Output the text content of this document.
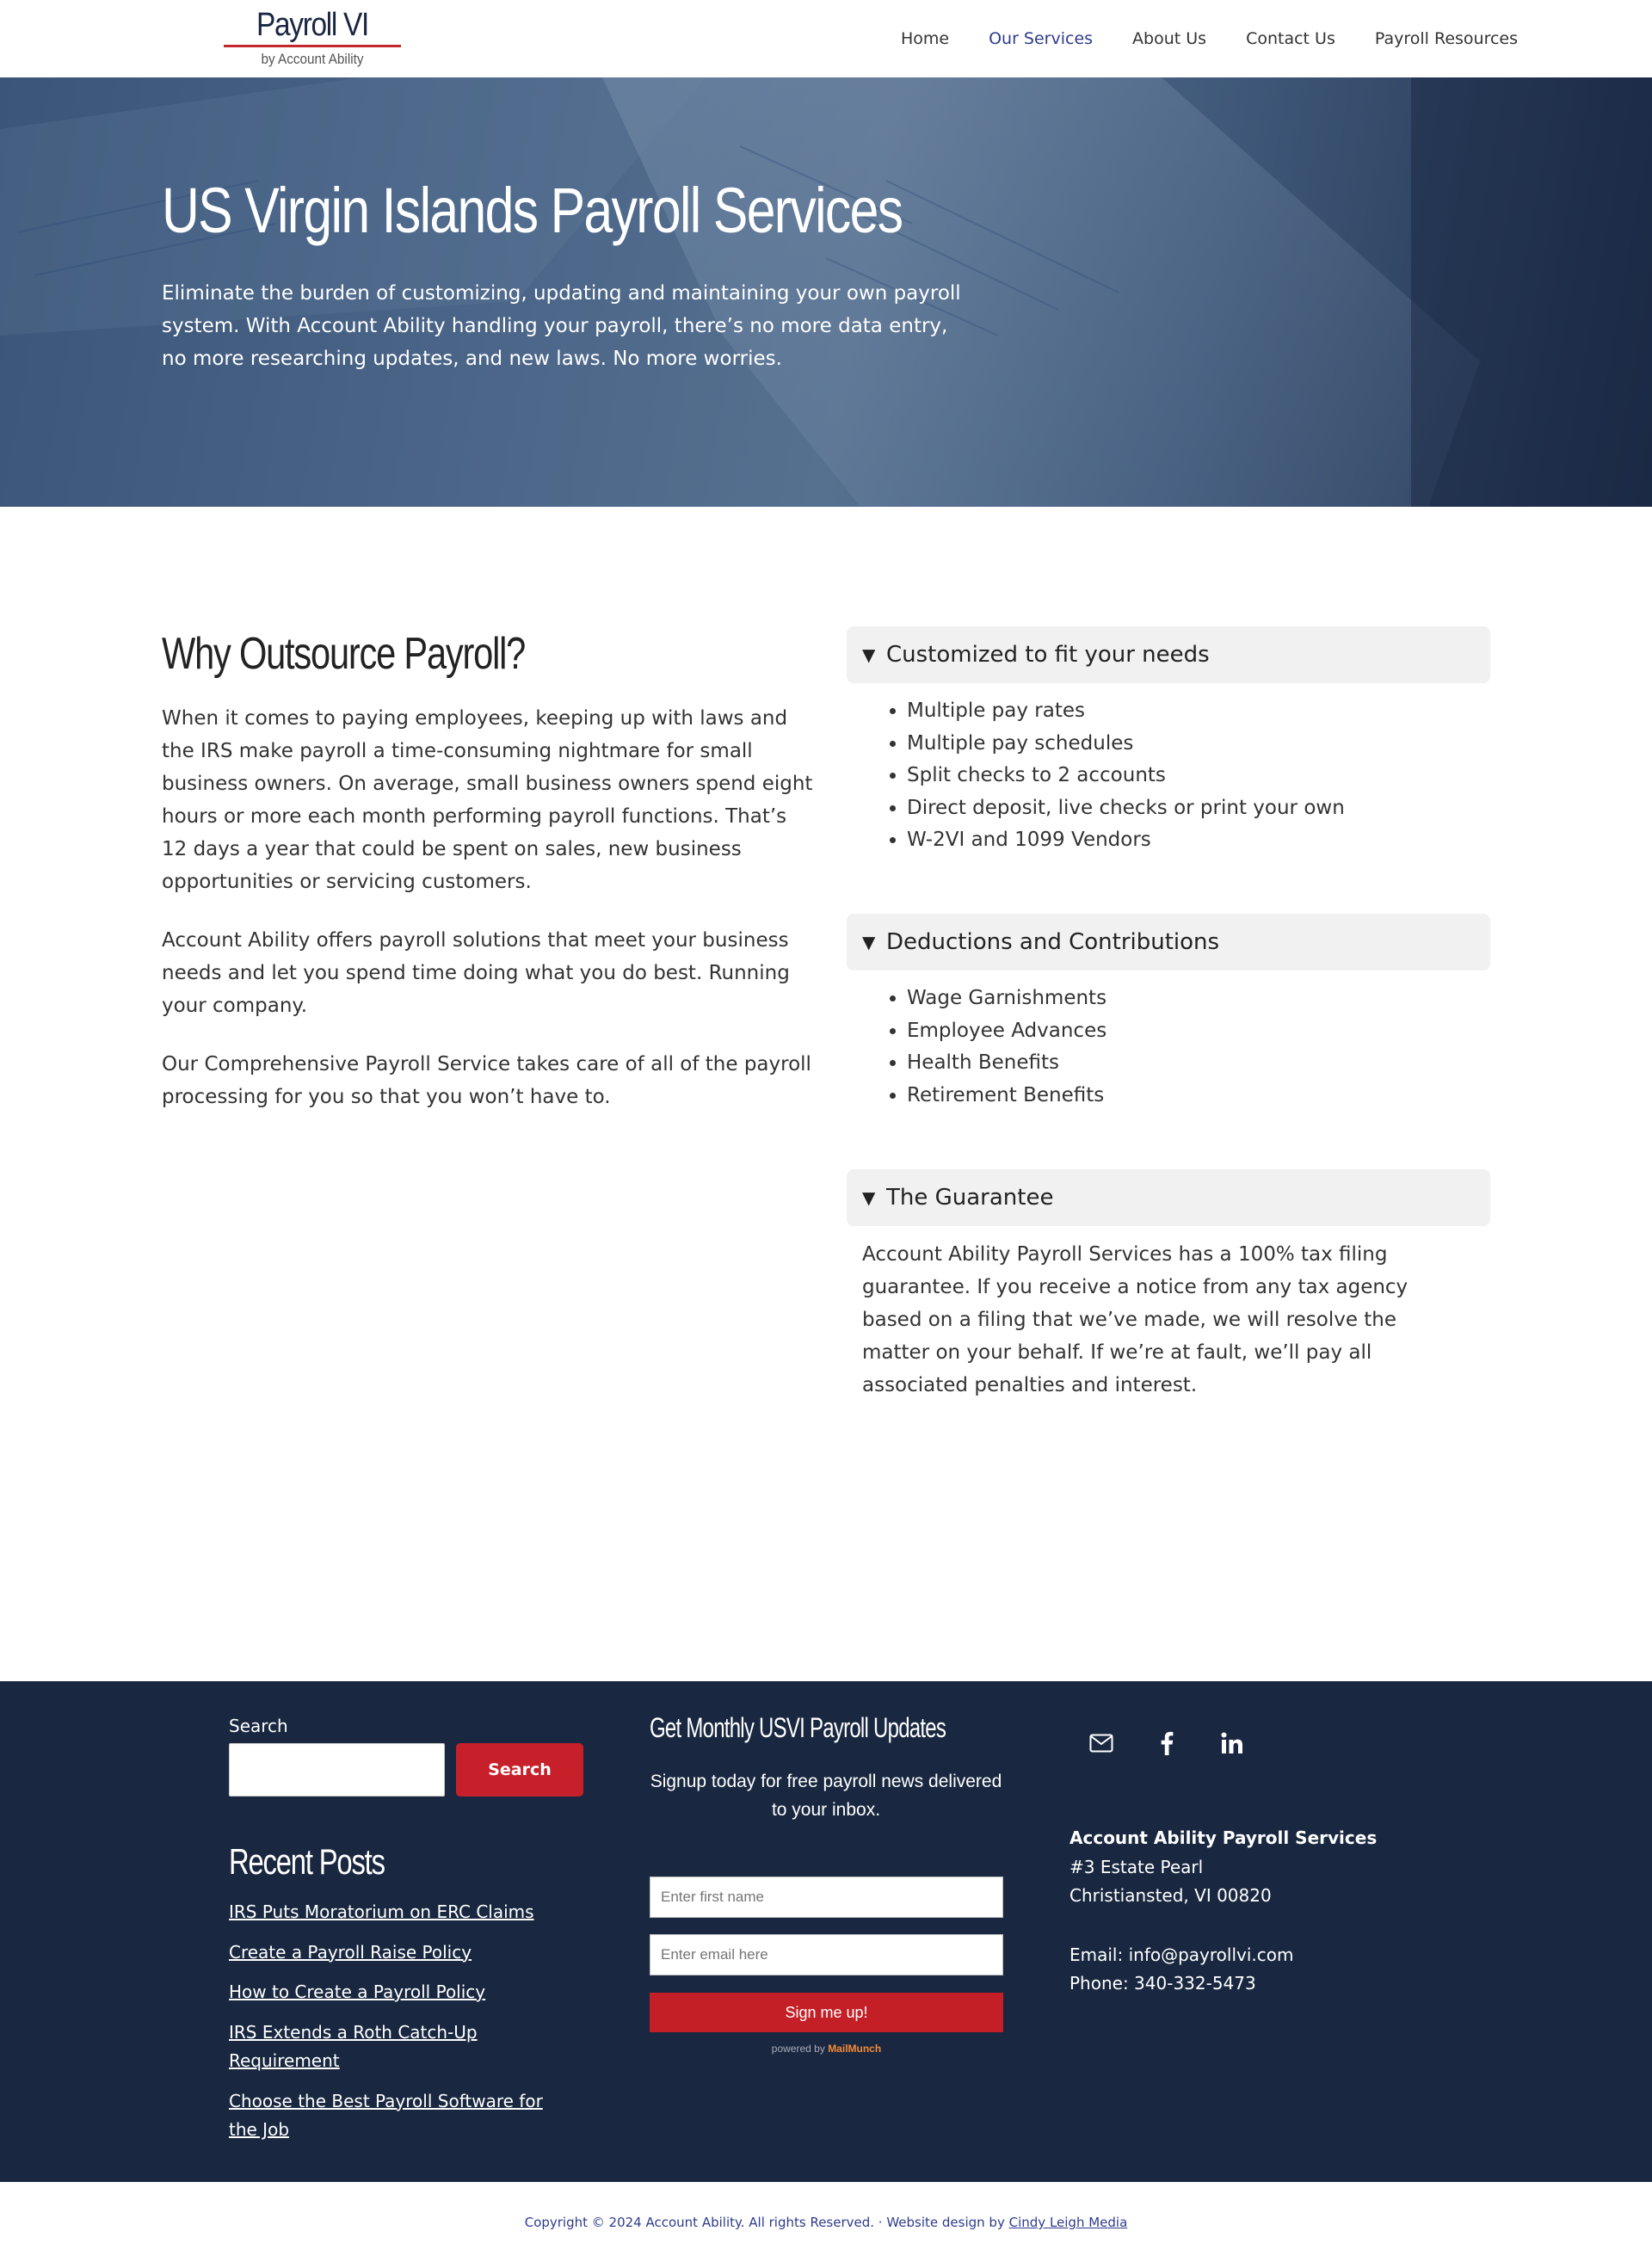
Payroll VI
by Account Ability
Home Our Services About Us Contact Us Payroll Resources
US Virgin Islands Payroll Services

Eliminate the burden of customizing, updating and maintaining your own payroll system. With Account Ability handling your payroll, there’s no more data entry, no more researching updates, and new laws. No more worries.

Why Outsource Payroll?

When it comes to paying employees, keeping up with laws and the IRS make payroll a time-consuming nightmare for small business owners. On average, small business owners spend eight hours or more each month performing payroll functions. That’s 12 days a year that could be spent on sales, new business opportunities or servicing customers.

Account Ability offers payroll solutions that meet your business needs and let you spend time doing what you do best. Running your company.

Our Comprehensive Payroll Service takes care of all of the payroll processing for you so that you won’t have to.

▼ Customized to fit your needs
• Multiple pay rates
• Multiple pay schedules
• Split checks to 2 accounts
• Direct deposit, live checks or print your own
• W-2VI and 1099 Vendors
▼ Deductions and Contributions
• Wage Garnishments
• Employee Advances
• Health Benefits
• Retirement Benefits
▼ The Guarantee
Account Ability Payroll Services has a 100% tax filing guarantee. If you receive a notice from any tax agency based on a filing that we’ve made, we will resolve the matter on your behalf. If we’re at fault, we’ll pay all associated penalties and interest.
Search
Search
Recent Posts
IRS Puts Moratorium on ERC Claims
Create a Payroll Raise Policy
How to Create a Payroll Policy
IRS Extends a Roth Catch-Up Requirement
Choose the Best Payroll Software for the Job
Get Monthly USVI Payroll Updates
Signup today for free payroll news delivered to your inbox.
Enter first name
Enter email here
Sign me up!
powered by MailMunch
Account Ability Payroll Services
#3 Estate Pearl
Christiansted, VI 00820
Email: info@payrollvi.com
Phone: 340-332-5473
Copyright © 2024 Account Ability. All rights Reserved. · Website design by Cindy Leigh Media
